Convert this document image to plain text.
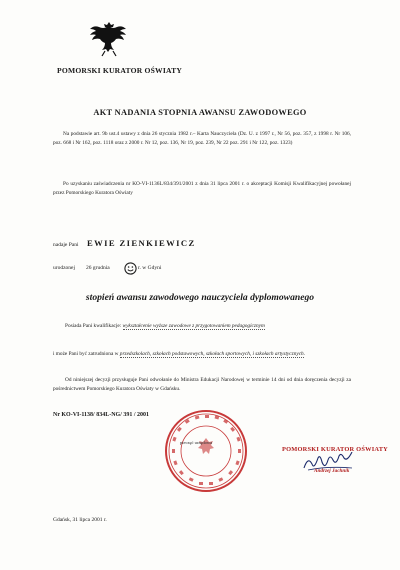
POMORSKI KURATOR OŚWIATY
AKT NADANIA STOPNIA AWANSU ZAWODOWEGO
Na podstawie art. 9b ust.4 ustawy z dnia 26 stycznia 1982 r.– Karta Nauczyciela (Dz. U. z 1997 r., Nr 56, poz. 357, z 1998 r. Nr 106, poz. 668 i Nr 162, poz. 1118 oraz z 2000 r. Nr 12, poz. 136, Nr 19, poz. 239, Nr 22 poz. 291 i Nr 122, poz. 1323)
Po uzyskaniu zaświadczenia nr KO-VI-1136L/834/391/2001 z dnia 31 lipca 2001 r. o akceptacji Komisji Kwalifikacyjnej powołanej przez Pomorskiego Kuratora Oświaty
nadaje Pani EWIE ZIENKIEWICZ
urodzonej 26 grudnia	r. w Gdyni
stopień awansu zawodowego nauczyciela dyplomowanego
Posiada Pani kwalifikacje: wykształcenie wyższe zawodowe z przygotowaniem pedagogicznym
i może Pani być zatrudniona w przedszkolach, szkołach podstawowych, szkołach sportowych, i szkołach artystycznych.
Od niniejszej decyzji przysługuje Pani odwołanie do Ministra Edukacji Narodowej w terminie 14 dni od dnia doręczenia decyzji za pośrednictwem Pomorskiego Kuratora Oświaty w Gdańsku.
Nr KO-VI-1138/ 834L-NG/ 391 / 2001
pieczęć urzędowa
POMORSKI KURATOR OŚWIATY
Andrzej Jachnik
Gdańsk, 31 lipca 2001 r.
